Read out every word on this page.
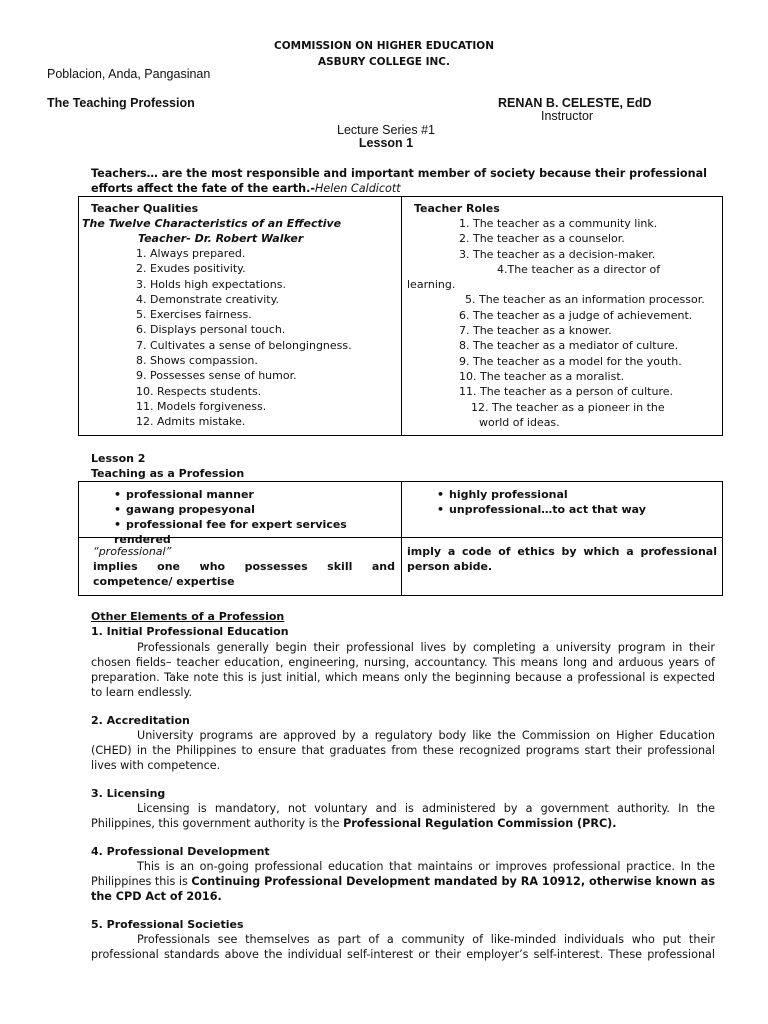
COMMISSION ON HIGHER EDUCATION
ASBURY COLLEGE INC.
Poblacion, Anda, Pangasinan
The Teaching Profession	RENAN B. CELESTE, EdD
Instructor
Lecture Series #1
Lesson 1
Teachers… are the most responsible and important member of society because their professional efforts affect the fate of the earth.-Helen Caldicott
Teacher Qualities
The Twelve Characteristics of an Effective
Teacher- Dr. Robert Walker
1. Always prepared.
2. Exudes positivity.
3. Holds high expectations.
4. Demonstrate creativity.
5. Exercises fairness.
6. Displays personal touch.
7. Cultivates a sense of belongingness.
8. Shows compassion.
9. Possesses sense of humor.
10. Respects students.
11. Models forgiveness.
12. Admits mistake.
Teacher Roles
1. The teacher as a community link.
2. The teacher as a counselor.
3. The teacher as a decision-maker.
4.The teacher as a director of
learning.
5. The teacher as an information processor.
6. The teacher as a judge of achievement.
7. The teacher as a knower.
8. The teacher as a mediator of culture.
9. The teacher as a model for the youth.
10. The teacher as a moralist.
11. The teacher as a person of culture.
12. The teacher as a pioneer in the
world of ideas.
Lesson 2
Teaching as a Profession
• professional manner
• gawang propesyonal
• professional fee for expert services rendered
• highly professional
• unprofessional…to act that way
“professional”
implies one who possesses skill and competence/ expertise
imply a code of ethics by which a professional person abide.
Other Elements of a Profession
1. Initial Professional Education
Professionals generally begin their professional lives by completing a university program in their chosen fields– teacher education, engineering, nursing, accountancy. This means long and arduous years of preparation. Take note this is just initial, which means only the beginning because a professional is expected to learn endlessly.
2. Accreditation
University programs are approved by a regulatory body like the Commission on Higher Education (CHED) in the Philippines to ensure that graduates from these recognized programs start their professional lives with competence.
3. Licensing
Licensing is mandatory, not voluntary and is administered by a government authority. In the Philippines, this government authority is the Professional Regulation Commission (PRC).
4. Professional Development
This is an on-going professional education that maintains or improves professional practice. In the Philippines this is Continuing Professional Development mandated by RA 10912, otherwise known as the CPD Act of 2016.
5. Professional Societies
Professionals see themselves as part of a community of like-minded individuals who put their professional standards above the individual self-interest or their employer’s self-interest. These professional
